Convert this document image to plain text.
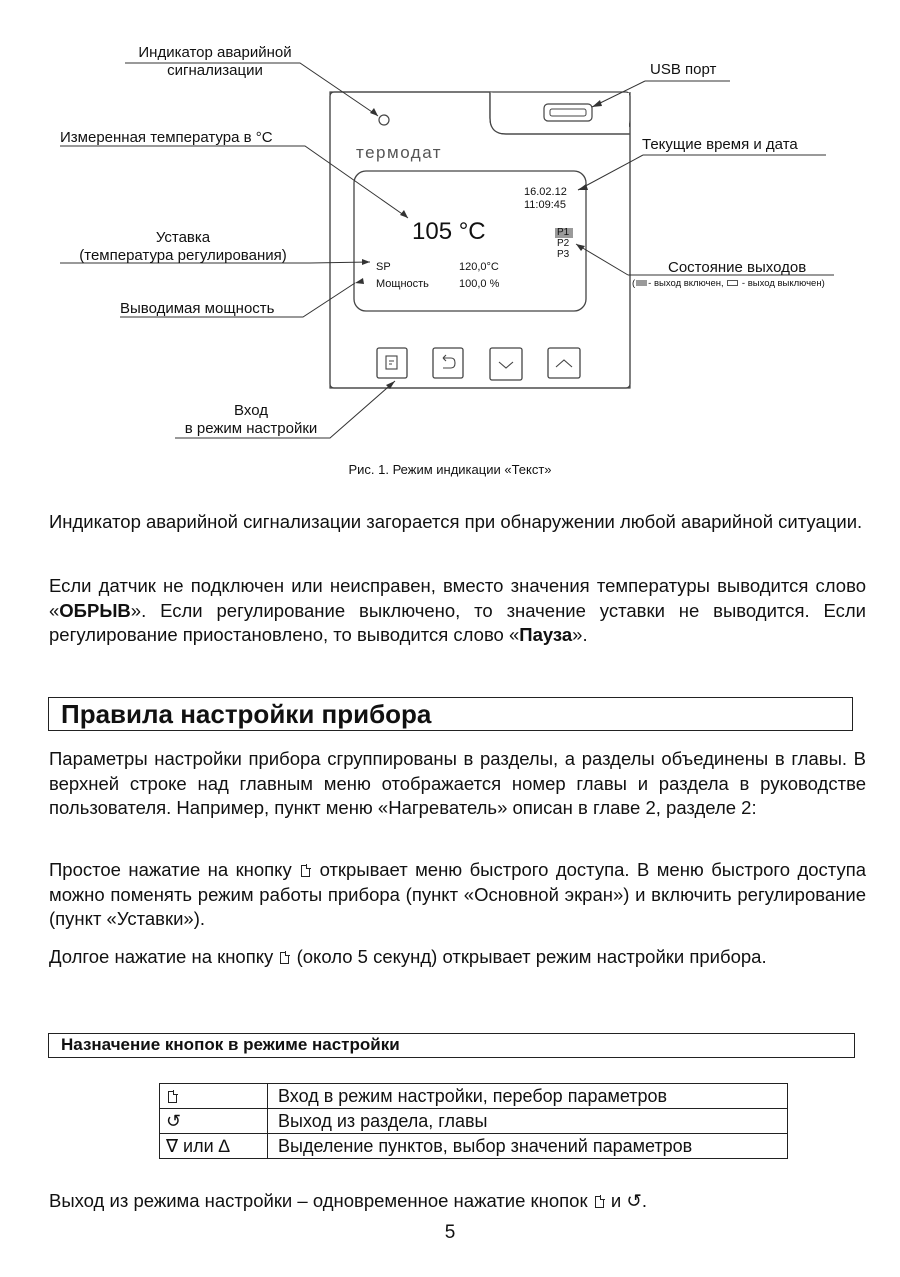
Индикатор аварийной
сигнализации	USB порт
Измеренная температура в °С	Текущие время и дата
Уставка
(температура регулирования)
Состояние выходов
( - выход включен, - выход выключен)
Выводимая мощность
Вход
в режим настройки
термодат
16.02.12
11:09:45
105 °С	P1
P2
P3
SP	120,0°С
Мощность	100,0 %
Рис. 1. Режим индикации «Текст»

Индикатор аварийной сигнализации загорается при обнаружении любой аварийной ситуации.

Если датчик не подключен или неисправен, вместо значения температуры выводится слово «ОБРЫВ». Если регулирование выключено, то значение уставки не выводится. Если регулирование приостановлено, то выводится слово «Пауза».

Правила настройки прибора

Параметры настройки прибора сгруппированы в разделы, а разделы объединены в главы. В верхней строке над главным меню отображается номер главы и раздела в руководстве пользователя. Например, пункт меню «Нагреватель» описан в главе 2, разделе 2:

Простое нажатие на кнопку открывает меню быстрого доступа. В меню быстрого доступа можно поменять режим работы прибора (пункт «Основной экран») и включить регулирование (пункт «Уставки»).

Долгое нажатие на кнопку (около 5 секунд) открывает режим настройки прибора.

Назначение кнопок в режиме настройки
	Вход в режим настройки, перебор параметров
↺	Выход из раздела, главы
∇ или ∆	Выделение пунктов, выбор значений параметров

Выход из режима настройки – одновременное нажатие кнопок и ↺.

5
